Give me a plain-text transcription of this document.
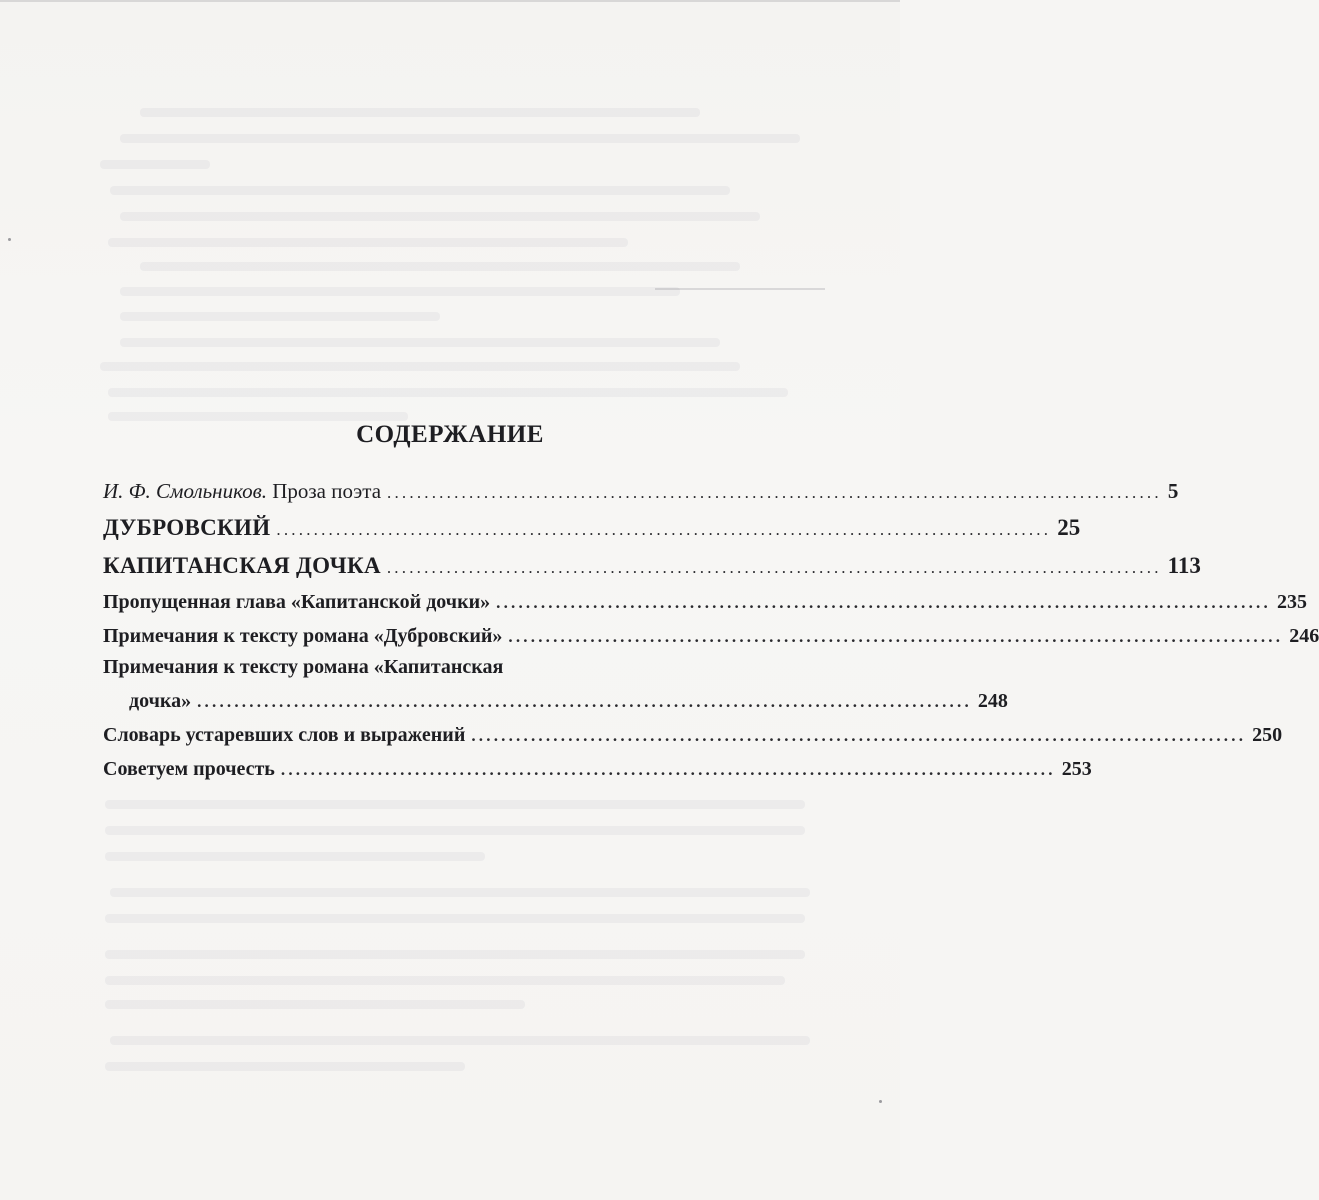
СОДЕРЖАНИЕ
И. Ф. Смольников. Проза поэта ........................................................................................................ 5
ДУБРОВСКИЙ ........................................................................................................ 25
КАПИТАНСКАЯ ДОЧКА ........................................................................................................ 113
Пропущенная глава «Капитанской дочки» ........................................................................................................ 235
Примечания к тексту романа «Дубровский» ........................................................................................................ 246
Примечания к тексту романа «Капитанская
дочка» ........................................................................................................ 248
Словарь устаревших слов и выражений ........................................................................................................ 250
Советуем прочесть ........................................................................................................ 253
